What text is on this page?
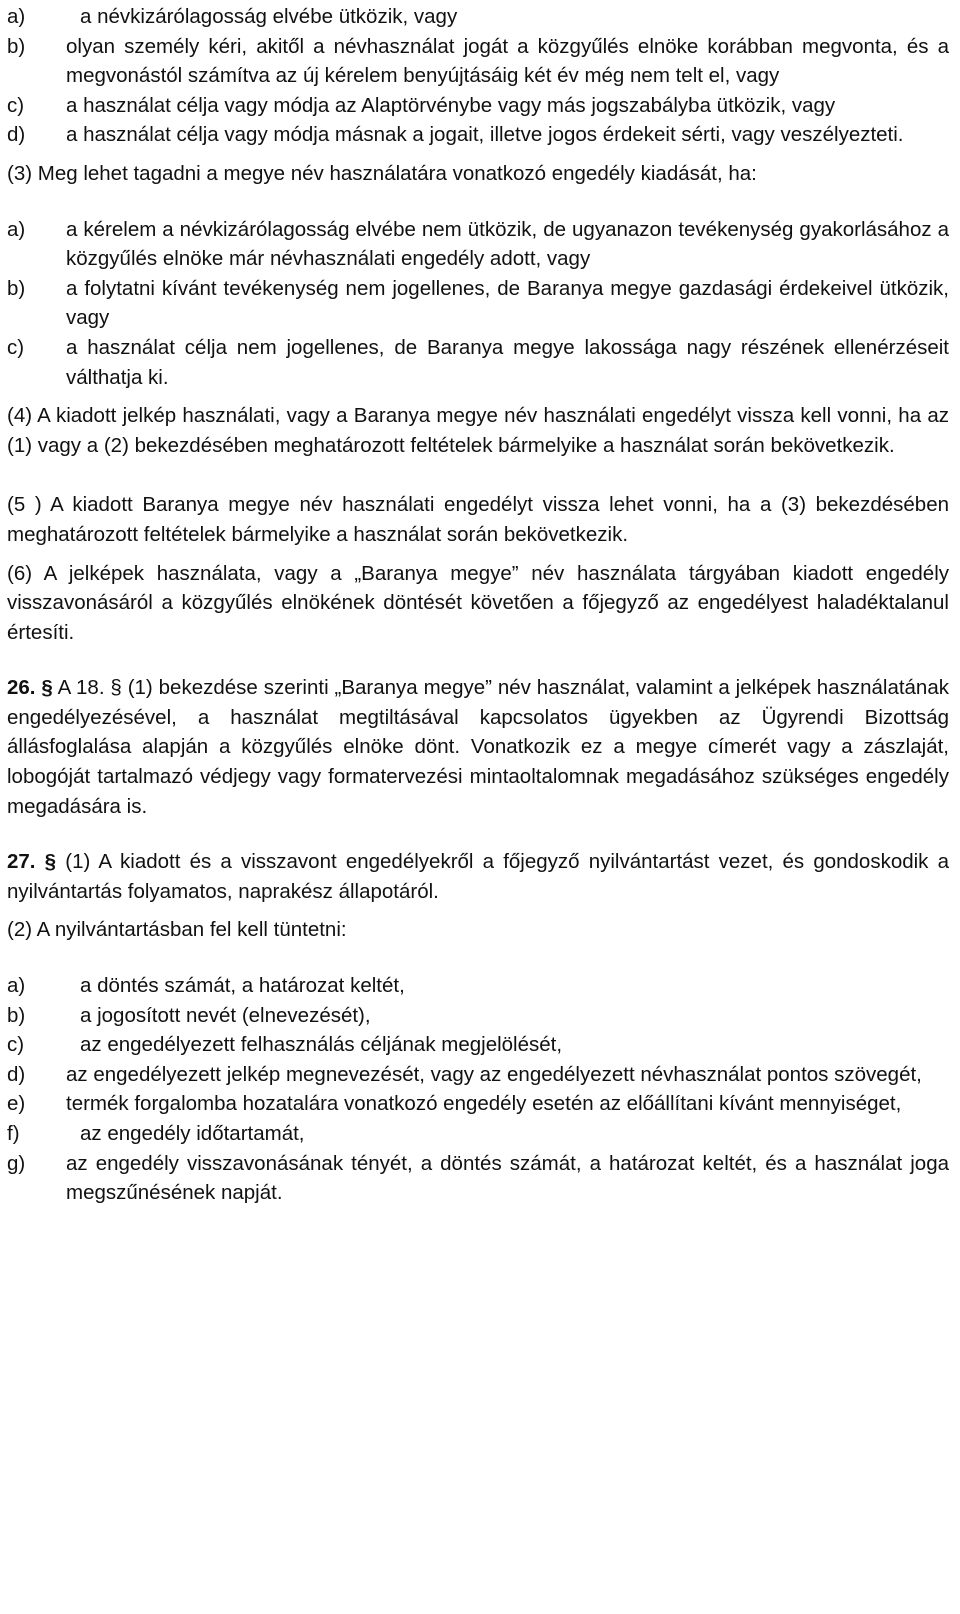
a)	a névkizárólagosság elvébe ütközik, vagy
b)	olyan személy kéri, akitől a névhasználat jogát a közgyűlés elnöke korábban megvonta, és a megvonástól számítva az új kérelem benyújtásáig két év még nem telt el, vagy
c)	a használat célja vagy módja az Alaptörvénybe vagy más jogszabályba ütközik, vagy
d)	a használat célja vagy módja másnak a jogait, illetve jogos érdekeit sérti, vagy veszélyezteti.
(3) Meg lehet tagadni a megye név használatára vonatkozó engedély kiadását, ha:
a)	a kérelem a névkizárólagosság elvébe nem ütközik, de ugyanazon tevékenység gyakorlásához a közgyűlés elnöke már névhasználati engedély adott, vagy
b)	a folytatni kívánt tevékenység nem jogellenes, de Baranya megye gazdasági érdekeivel ütközik, vagy
c)	a használat célja nem jogellenes, de Baranya megye lakossága nagy részének ellenérzéseit válthatja ki.
(4) A kiadott jelkép használati, vagy a Baranya megye név használati engedélyt vissza kell vonni, ha az (1) vagy a (2) bekezdésében meghatározott feltételek bármelyike a használat során bekövetkezik.
(5 ) A kiadott Baranya megye név használati engedélyt vissza lehet vonni, ha a (3) bekezdésében meghatározott feltételek bármelyike a használat során bekövetkezik.
(6) A jelképek használata, vagy a „Baranya megye” név használata tárgyában kiadott engedély visszavonásáról a közgyűlés elnökének döntését követően a főjegyző az engedélyest haladéktalanul értesíti.
26. § A 18. § (1) bekezdése szerinti „Baranya megye” név használat, valamint a jelképek használatának engedélyezésével, a használat megtiltásával kapcsolatos ügyekben az Ügyrendi Bizottság állásfoglalása alapján a közgyűlés elnöke dönt. Vonatkozik ez a megye címerét vagy a zászlaját, lobogóját tartalmazó védjegy vagy formatervezési mintaoltalomnak megadásához szükséges engedély megadására is.
27. § (1) A kiadott és a visszavont engedélyekről a főjegyző nyilvántartást vezet, és gondoskodik a nyilvántartás folyamatos, naprakész állapotáról.
(2) A nyilvántartásban fel kell tüntetni:
a)	a döntés számát, a határozat keltét,
b)	a jogosított nevét (elnevezését),
c)	az engedélyezett felhasználás céljának megjelölését,
d)	az engedélyezett jelkép megnevezését, vagy az engedélyezett névhasználat pontos szövegét,
e)	termék forgalomba hozatalára vonatkozó engedély esetén az előállítani kívánt mennyiséget,
f)	az engedély időtartamát,
g)	az engedély visszavonásának tényét, a döntés számát, a határozat keltét, és a használat joga megszűnésének napját.
